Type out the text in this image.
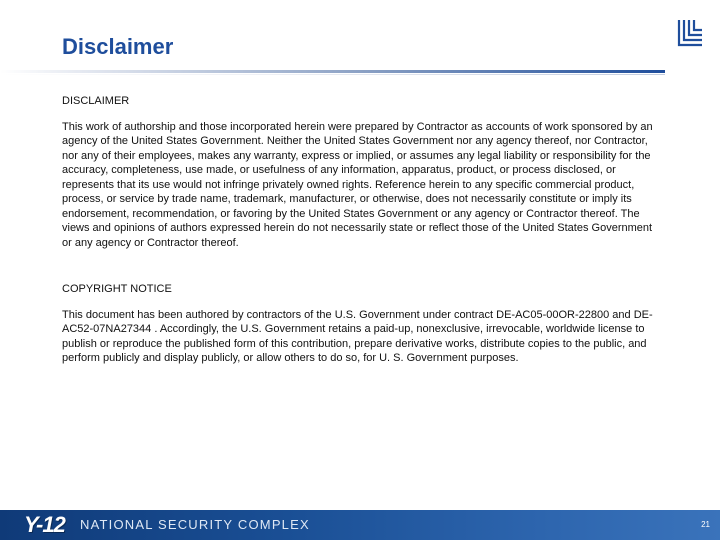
Disclaimer

DISCLAIMER

This work of authorship and those incorporated herein were prepared by Contractor as accounts of work sponsored by an agency of the United States Government. Neither the United States Government nor any agency thereof, nor Contractor, nor any of their employees, makes any warranty, express or implied, or assumes any legal liability or responsibility for the accuracy, completeness, use made, or usefulness of any information, apparatus, product, or process disclosed, or represents that its use would not infringe privately owned rights. Reference herein to any specific commercial product, process, or service by trade name, trademark, manufacturer, or otherwise, does not necessarily constitute or imply its endorsement, recommendation, or favoring by the United States Government or any agency or Contractor thereof. The views and opinions of authors expressed herein do not necessarily state or reflect those of the United States Government or any agency or Contractor thereof.

COPYRIGHT NOTICE

This document has been authored by contractors of the U.S. Government under contract DE-AC05-00OR-22800 and DE-AC52-07NA27344 . Accordingly, the U.S. Government retains a paid-up, nonexclusive, irrevocable, worldwide license to publish or reproduce the published form of this contribution, prepare derivative works, distribute copies to the public, and perform publicly and display publicly, or allow others to do so, for U. S. Government purposes.

Y-12 NATIONAL SECURITY COMPLEX	21
